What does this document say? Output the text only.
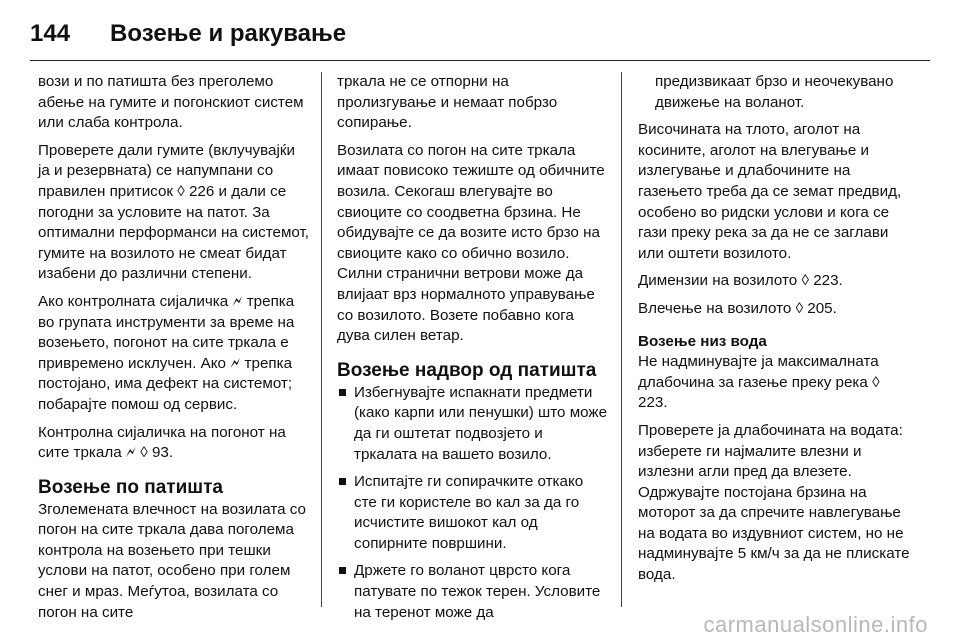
144 Возење и ракување

вози и по патишта без преголемо абење на гумите и погонскиот систем или слаба контрола.

Проверете дали гумите (вклучувајќи ја и резервната) се напумпани со правилен притисок ◊ 226 и дали се погодни за условите на патот. За оптимални перформанси на системот, гумите на возилото не смеат бидат изабени до различни степени.

Ако контролната сијаличка 🗲 трепка во групата инструменти за време на возењето, погонот на сите тркала е привремено исклучен. Ако 🗲 трепка постојано, има дефект на системот; побарајте помош од сервис.

Контролна сијаличка на погонот на сите тркала 🗲 ◊ 93.

Возење по патишта

Зголемената влечност на возилата со погон на сите тркала дава поголема контрола на возењето при тешки услови на патот, особено при голем снег и мраз. Меѓутоа, возилата со погон на сите

тркала не се отпорни на пролизгување и немаат побрзо сопирање.

Возилата со погон на сите тркала имаат повисоко тежиште од обичните возила. Секогаш влегувајте во свиоците со соодветна брзина. Не обидувајте се да возите исто брзо на свиоците како со обично возило. Силни странични ветрови може да влијаат врз нормалното управување со возилото. Возете побавно кога дува силен ветар.

Возење надвор од патишта
Избегнувајте испакнати предмети (како карпи или пенушки) што може да ги оштетат подвозјето и тркалата на вашето возило.
Испитајте ги сопирачките откако сте ги користеле во кал за да го исчистите вишокот кал од сопирните површини.
Држете го воланот цврсто кога патувате по тежок терен. Условите на теренот може да

предизвикаат брзо и неочекувано движење на воланот.

Височината на тлото, аголот на косините, аголот на влегување и излегување и длабочините на газењето треба да се земат предвид, особено во ридски услови и кога се гази преку река за да не се заглави или оштети возилото.

Димензии на возилото ◊ 223.

Влечење на возилото ◊ 205.

Возење низ вода

Не надминувајте ја максималната длабочина за газење преку река ◊ 223.

Проверете ја длабочината на водата: изберете ги најмалите влезни и излезни агли пред да влезете. Одржувајте постојана брзина на моторот за да спречите навлегување на водата во издувниот систем, но не надминувајте 5 км/ч за да не плискате вода.

carmanualsonline.info
